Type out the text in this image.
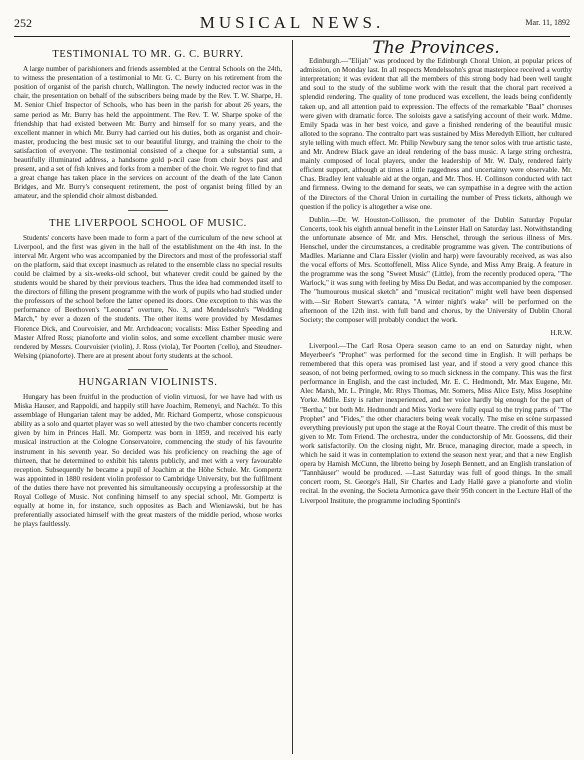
252	MUSICAL NEWS.	Mar. 11, 1892
TESTIMONIAL TO MR. G. C. BURRY.

A large number of parishioners and friends assembled at the Central Schools on the 24th, to witness the presentation of a testimonial to Mr. G. C. Burry on his retirement from the position of organist of the parish church, Wallington. The newly inducted rector was in the chair, the presentation on behalf of the subscribers being made by the Rev. T. W. Sharpe, H. M. Senior Chief Inspector of Schools, who has been in the parish for about 26 years, the same period as Mr. Burry has held the appointment. The Rev. T. W. Sharpe spoke of the friendship that had existed between Mr. Burry and himself for so many years, and the excellent manner in which Mr. Burry had carried out his duties, both as organist and choir-master, producing the best music set to our beautiful liturgy, and training the choir to the satisfaction of everyone. The testimonial consisted of a cheque for a substantial sum, a beautifully illuminated address, a handsome gold p-ncil case from choir boys past and present, and a set of fish knives and forks from a member of the choir. We regret to find that a great change has taken place in the services on account of the death of the late Canon Bridges, and Mr. Burry's consequent retirement, the post of organist being filled by an amateur, and the splendid choir almost disbanded.

THE LIVERPOOL SCHOOL OF MUSIC.

Students' concerts have been made to form a part of the curriculum of the new school at Liverpool, and the first was given in the hall of the establishment on the 4th inst. In the interval Mr. Argent who was accompanied by the Directors and most of the professorial staff on the platform, said that except inasmuch as related to the ensemble class no special results could be claimed by a six-weeks-old school, but whatever credit could be gained by the students would be shared by their previous teachers. Thus the idea had commended itself to the directors of filling the present programme with the work of pupils who had studied under the professors of the school before the latter opened its doors. One exception to this was the performance of Beethoven's "Leonora" overture, No. 3, and Mendelssohn's "Wedding March," by ever a dozen of the students. The other items were provided by Mesdames Florence Dick, and Courvoisier, and Mr. Archdeacon; vocalists: Miss Esther Speeding and Master Alfred Ross; pianoforte and violin solos, and some excellent chamber music were rendered by Messrs. Courvoisier (violin), J. Ross (viola), Ter Poorten ('cello), and Steudner-Welsing (pianoforte). There are at present about forty students at the school.

HUNGARIAN VIOLINISTS.

Hungary has been fruitful in the production of violin virtuosi, for we have had with us Miska Hauser, and Rappoldi, and happily still have Joachim, Remenyi, and Nachéz. To this assemblage of Hungarian talent may be added, Mr. Richard Gompertz, whose conspicuous ability as a solo and quartet player was so well attested by the two chamber concerts recently given by him in Princes Hall. Mr. Gompertz was born in 1859, and received his early musical instruction at the Cologne Conservatoire, commencing the study of his favourite instrument in his seventh year. So decided was his proficiency on reaching the age of thirteen, that he determined to exhibit his talents publicly, and met with a very favourable reception. Subsequently he became a pupil of Joachim at the Höhe Schule. Mr. Gompertz was appointed in 1880 resident violin professor to Cambridge University, but the fulfilment of the duties there have not prevented his simultaneously occupying a professorship at the Royal College of Music. Not confining himself to any special school, Mr. Gompertz is equally at home in, for instance, such opposites as Bach and Wieniawski, but he has preferentially associated himself with the great masters of the middle period, whose works he plays faultlessly.

The Provinces.

Edinburgh.—"Elijah" was produced by the Edinburgh Choral Union, at popular prices of admission, on Monday last. In all respects Mendelssohn's great masterpiece received a worthy interpretation; it was evident that all the members of this strong body had been well taught and soul to the study of the sublime work with the result that the choral part received a splendid rendering. The quality of tone produced was excellent, the leads being confidently taken up, and all attention paid to expression. The effects of the remarkable "Baal" choruses were given with dramatic force. The soloists gave a satisfying account of their work. Mdme. Emily Spada was in her best voice, and gave a finished rendering of the beautiful music alloted to the soprano. The contralto part was sustained by Miss Meredyth Elliott, her cultured style telling with much effect. Mr. Philip Newbury sang the tenor solos with true artistic taste, and Mr. Andrew Black gave an ideal rendering of the bass music. A large string orchestra, mainly composed of local players, under the leadership of Mr. W. Daly, rendered fairly efficient support, although at times a little raggedness and uncertainty were observable. Mr. Chas. Bradley lent valuable aid at the organ, and Mr. Thos. H. Collinson conducted with tact and firmness. Owing to the demand for seats, we can sympathise in a degree with the action of the Directors of the Choral Union in curtailing the number of Press tickets, although we question if the policy is altogether a wise one.

Dublin.—Dr. W. Houston-Collisson, the promoter of the Dublin Saturday Popular Concerts, took his eighth annual benefit in the Leinster Hall on Saturday last. Notwithstanding the unfortunate absence of Mr. and Mrs. Henschel, through the serious illness of Mrs. Henschel, under the circumstances, a creditable programme was given. The contributions of Madlles. Marianne and Clara Eissler (violin and harp) were favourably received, as was also the vocal efforts of Mrs. Scottoffenell, Miss Alice Synde, and Miss Amy Braig. A feature in the programme was the song "Sweet Music" (Little), from the recently produced opera, "The Warlock," it was sung with feeling by Miss Du Bedat, and was accompanied by the composer. The "humourous musical sketch" and "musical recitation" might well have been dispensed with.—Sir Robert Stewart's cantata, "A winter night's wake" will be performed on the afternoon of the 12th inst. with full band and chorus, by the University of Dublin Choral Society; the composer will probably conduct the work.

H.R.W.

Liverpool.—The Carl Rosa Opera season came to an end on Saturday night, when Meyerbeer's "Prophet" was performed for the second time in English. It will perhaps be remembered that this opera was promised last year, and if stood a very good chance this season, of not being performed, owing to so much sickness in the company. This was the first performance in English, and the cast included, Mr. E. C. Hedmondt, Mr. Max Eugene, Mr. Alec Marsh, Mr. L. Pringle, Mr. Rhys Thomas, Mr. Somers, Miss Alice Esty, Miss Josephine Yorke. Mdlle. Esty is rather inexperienced, and her voice hardly big enough for the part of "Bertha," but both Mr. Hedmondt and Miss Yorke were fully equal to the trying parts of "The Prophet" and "Fides," the other characters being weak vocally. The mise en scène surpassed everything previously put upon the stage at the Royal Court theatre. The credit of this must be given to Mr. Tom Friend. The orchestra, under the conductorship of Mr. Goossens, did their work satisfactorily. On the closing night, Mr. Bruce, managing director, made a speech, in which he said it was in contemplation to extend the season next year, and that a new English opera by Hamish McCunn, the libretto being by Joseph Bennett, and an English translation of "Tannhäuser" would be produced. —Last Saturday was full of good things. In the small concert room, St. George's Hall, Sir Charles and Lady Hallé gave a pianoforte and violin recital. In the evening, the Societa Armonica gave their 95th concert in the Lecture Hall of the Liverpool Institute, the programme including Spontini's
